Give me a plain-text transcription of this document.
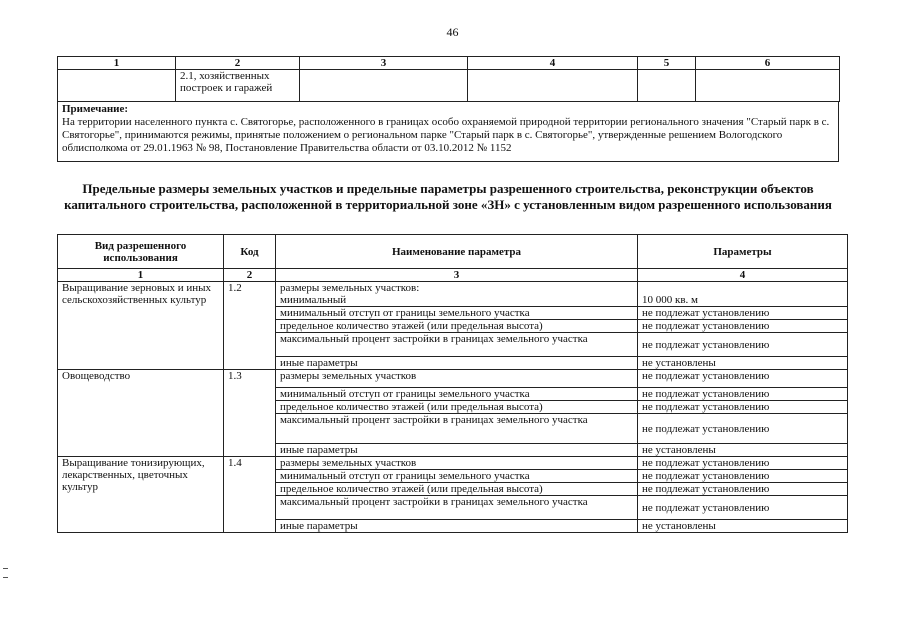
46
1	2	3	4	5	6
	2.1, хозяйственных построек и гаражей				
Примечание:
На территории населенного пункта с. Святогорье, расположенного в границах особо охраняемой природной территории регионального значения "Старый парк в с. Святогорье", принимаются режимы, принятые положением о региональном парке "Старый парк в с. Святогорье", утвержденные решением Вологодского облисполкома от 29.01.1963 № 98, Постановление Правительства области от 03.10.2012 № 1152
Предельные размеры земельных участков и предельные параметры разрешенного строительства, реконструкции объектов капитального строительства, расположенной в территориальной зоне «ЗН» с установленным видом разрешенного использования
Вид разрешенного использования	Код	Наименование параметра	Параметры
1	2	3	4
Выращивание зерновых и иных сельскохозяйственных культур	1.2	размеры земельных участков:	
		минимальный	10 000 кв. м
		минимальный отступ от границы земельного участка	не подлежат установлению
		предельное количество этажей (или предельная высота)	не подлежат установлению
		максимальный процент застройки в границах земельного участка	не подлежат установлению
		иные параметры	не установлены

Овощеводство	1.3	размеры земельных участков	не подлежат установлению
		минимальный отступ от границы земельного участка	не подлежат установлению
		предельное количество этажей (или предельная высота)	не подлежат установлению
		максимальный процент застройки в границах земельного участка	не подлежат установлению
		иные параметры	не установлены
Выращивание тонизирующих, лекарственных, цветочных культур	1.4	размеры земельных участков	не подлежат установлению
		минимальный отступ от границы земельного участка	не подлежат установлению
		предельное количество этажей (или предельная высота)	не подлежат установлению
		максимальный процент застройки в границах земельного участка	не подлежат установлению
		иные параметры	не установлены
